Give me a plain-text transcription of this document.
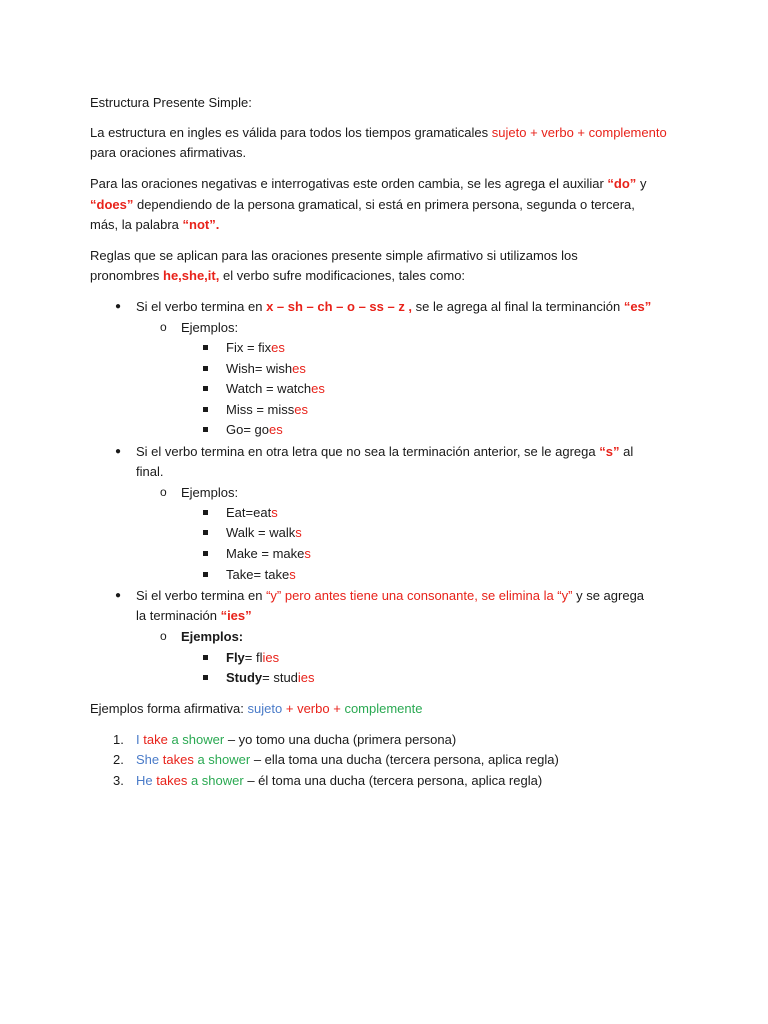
Estructura Presente Simple:
La estructura en ingles es válida para todos los tiempos gramaticales sujeto + verbo + complemento
para oraciones afirmativas.
Para las oraciones negativas e interrogativas este orden cambia, se les agrega el auxiliar “do” y
“does” dependiendo de la persona gramatical, si está en primera persona, segunda o tercera,
más, la palabra “not”.
Reglas que se aplican para las oraciones presente simple afirmativo si utilizamos los
pronombres he,she,it, el verbo sufre modificaciones, tales como:
● Si el verbo termina en x – sh – ch – o – ss – z , se le agrega al final la terminanción “es”
o Ejemplos:
Fix = fixes
Wish= wishes
Watch = watches
Miss = misses
Go= goes
● Si el verbo termina en otra letra que no sea la terminación anterior, se le agrega “s” al
final.
o Ejemplos:
Eat=eats
Walk = walks
Make = makes
Take= takes
● Si el verbo termina en “y” pero antes tiene una consonante, se elimina la “y” y se agrega
la terminación “ies”
o Ejemplos:
Fly= flies
Study= studies
Ejemplos forma afirmativa: sujeto + verbo + complemente
1. I take a shower – yo tomo una ducha (primera persona)
2. She takes a shower – ella toma una ducha (tercera persona, aplica regla)
3. He takes a shower – él toma una ducha (tercera persona, aplica regla)
